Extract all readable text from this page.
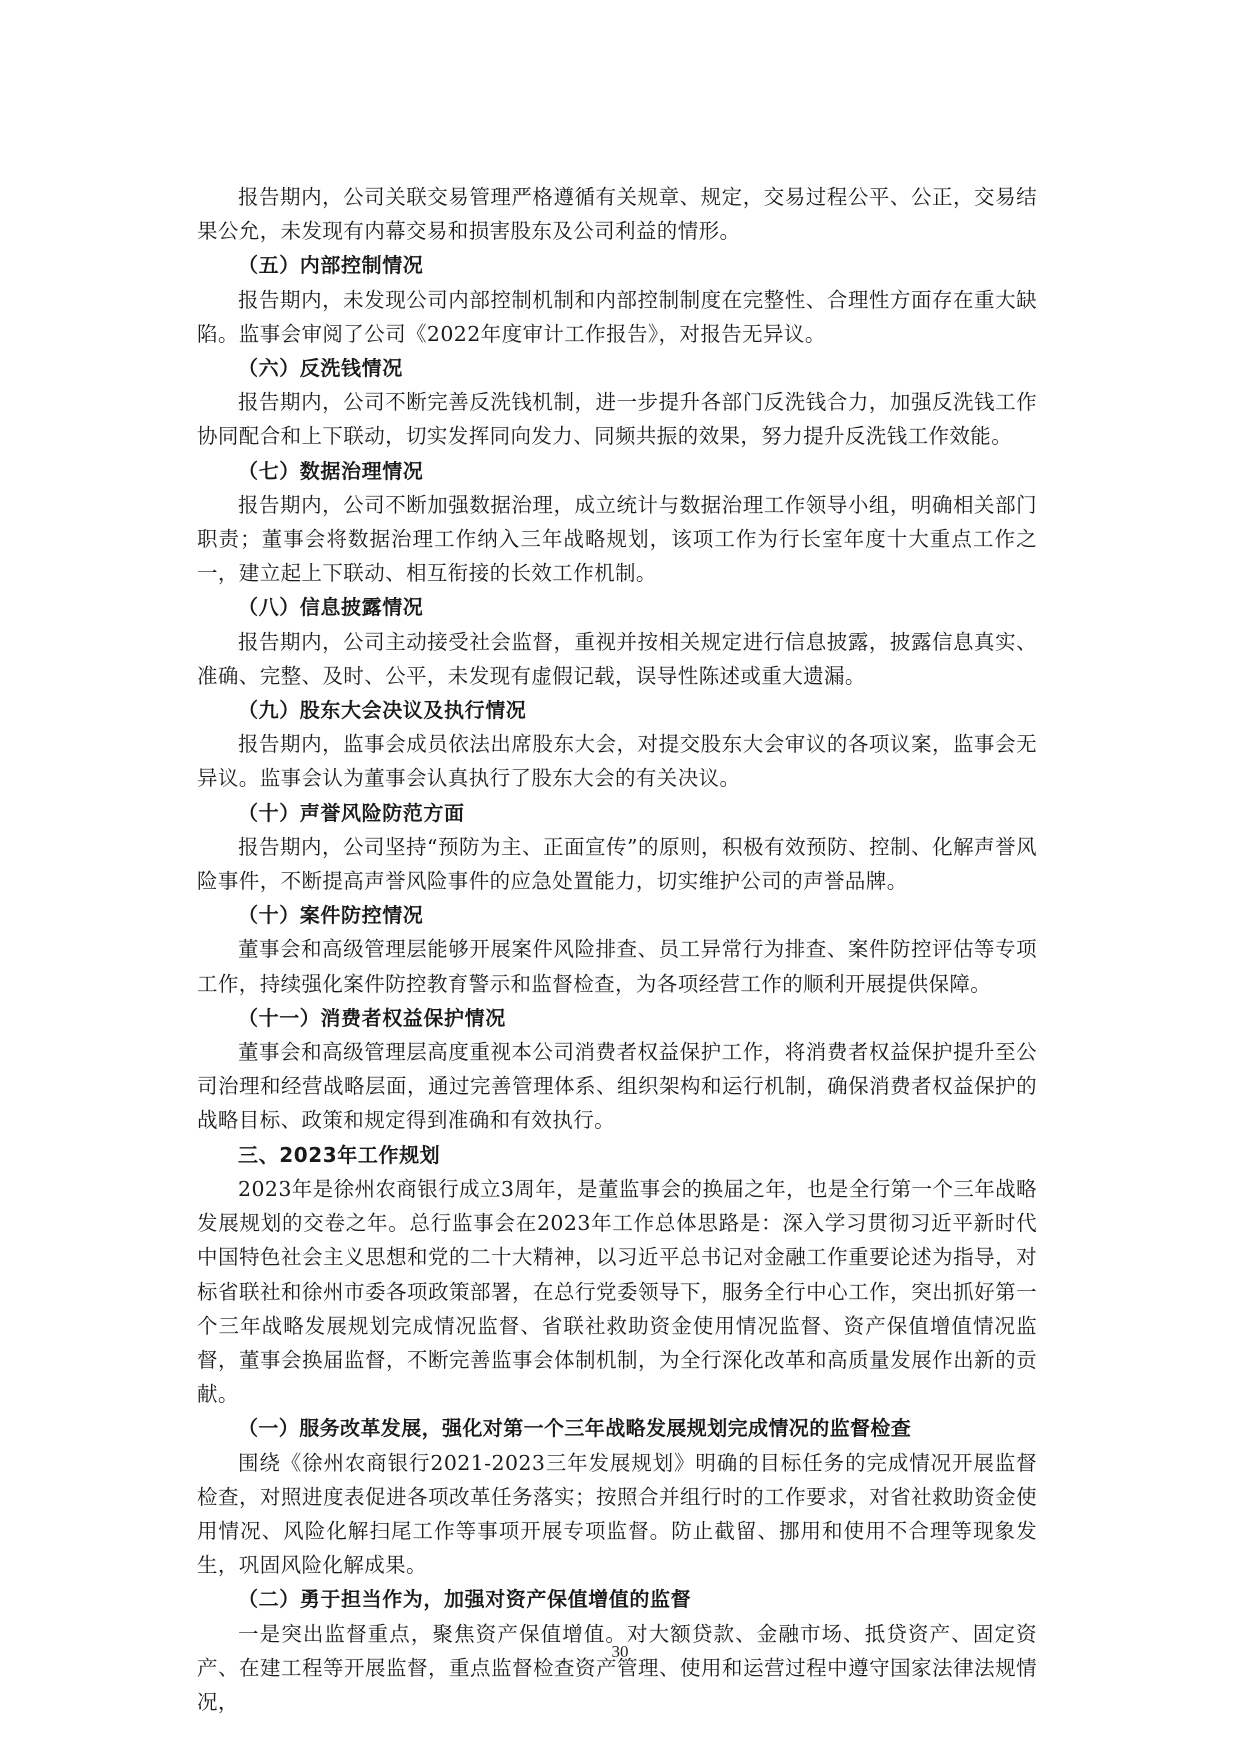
报告期内，公司关联交易管理严格遵循有关规章、规定，交易过程公平、公正，交易结果公允，未发现有内幕交易和损害股东及公司利益的情形。

（五）内部控制情况

报告期内，未发现公司内部控制机制和内部控制制度在完整性、合理性方面存在重大缺陷。监事会审阅了公司《2022年度审计工作报告》，对报告无异议。

（六）反洗钱情况

报告期内，公司不断完善反洗钱机制，进一步提升各部门反洗钱合力，加强反洗钱工作协同配合和上下联动，切实发挥同向发力、同频共振的效果，努力提升反洗钱工作效能。

（七）数据治理情况

报告期内，公司不断加强数据治理，成立统计与数据治理工作领导小组，明确相关部门职责；董事会将数据治理工作纳入三年战略规划，该项工作为行长室年度十大重点工作之一，建立起上下联动、相互衔接的长效工作机制。

（八）信息披露情况

报告期内，公司主动接受社会监督，重视并按相关规定进行信息披露，披露信息真实、准确、完整、及时、公平，未发现有虚假记载，误导性陈述或重大遗漏。

（九）股东大会决议及执行情况

报告期内，监事会成员依法出席股东大会，对提交股东大会审议的各项议案，监事会无异议。监事会认为董事会认真执行了股东大会的有关决议。

（十）声誉风险防范方面

报告期内，公司坚持“预防为主、正面宣传”的原则，积极有效预防、控制、化解声誉风险事件，不断提高声誉风险事件的应急处置能力，切实维护公司的声誉品牌。

（十）案件防控情况

董事会和高级管理层能够开展案件风险排查、员工异常行为排查、案件防控评估等专项工作，持续强化案件防控教育警示和监督检查，为各项经营工作的顺利开展提供保障。

（十一）消费者权益保护情况

董事会和高级管理层高度重视本公司消费者权益保护工作，将消费者权益保护提升至公司治理和经营战略层面，通过完善管理体系、组织架构和运行机制，确保消费者权益保护的战略目标、政策和规定得到准确和有效执行。

三、2023年工作规划

2023年是徐州农商银行成立3周年，是董监事会的换届之年，也是全行第一个三年战略发展规划的交卷之年。总行监事会在2023年工作总体思路是：深入学习贯彻习近平新时代中国特色社会主义思想和党的二十大精神，以习近平总书记对金融工作重要论述为指导，对标省联社和徐州市委各项政策部署，在总行党委领导下，服务全行中心工作，突出抓好第一个三年战略发展规划完成情况监督、省联社救助资金使用情况监督、资产保值增值情况监督，董事会换届监督，不断完善监事会体制机制，为全行深化改革和高质量发展作出新的贡献。

（一）服务改革发展，强化对第一个三年战略发展规划完成情况的监督检查

围绕《徐州农商银行2021-2023三年发展规划》明确的目标任务的完成情况开展监督检查，对照进度表促进各项改革任务落实；按照合并组行时的工作要求，对省社救助资金使用情况、风险化解扫尾工作等事项开展专项监督。防止截留、挪用和使用不合理等现象发生，巩固风险化解成果。

（二）勇于担当作为，加强对资产保值增值的监督

一是突出监督重点，聚焦资产保值增值。对大额贷款、金融市场、抵贷资产、固定资产、在建工程等开展监督，重点监督检查资产管理、使用和运营过程中遵守国家法律法规情况，

30
